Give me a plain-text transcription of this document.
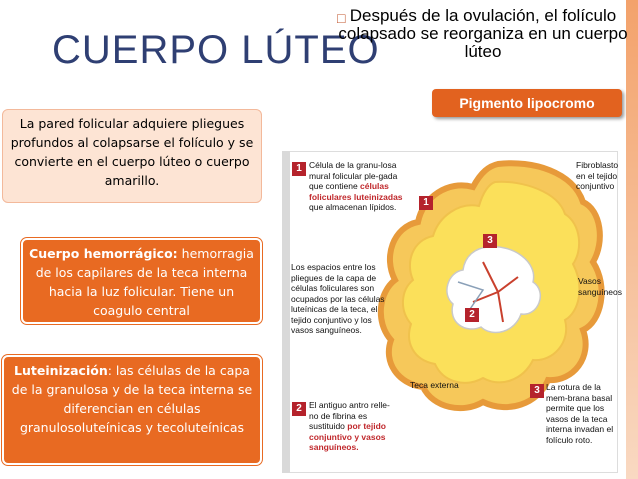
CUERPO LÚTEO
□ Después de la ovulación, el folículo colapsado se reorganiza en un cuerpo lúteo
Pigmento lipocromo
La pared folicular adquiere pliegues profundos al colapsarse el folículo y se convierte en el cuerpo lúteo o cuerpo amarillo.
Cuerpo hemorrágico: hemorragia de los capilares de la teca interna hacia la luz folicular. Tiene un coagulo central
Luteinización: las células de la capa de la granulosa y de la teca interna se diferencian en células granulosoluteínicas y tecoluteínicas
1
3
2
1 Célula de la granu-losa mural folicular ple-gada que contiene células foliculares luteinizadas que almacenan lípidos.
Los espacios entre los pliegues de la capa de células foliculares son ocupados por las células luteínicas de la teca, el tejido conjuntivo y los vasos sanguíneos.
2 El antiguo antro relle-no de fibrina es sustituido por tejido conjuntivo y vasos sanguíneos.
3 La rotura de la mem-brana basal permite que los vasos de la teca interna invadan el folículo roto.
Fibroblasto en el tejido conjuntivo
Vasos sanguíneos
Teca externa
